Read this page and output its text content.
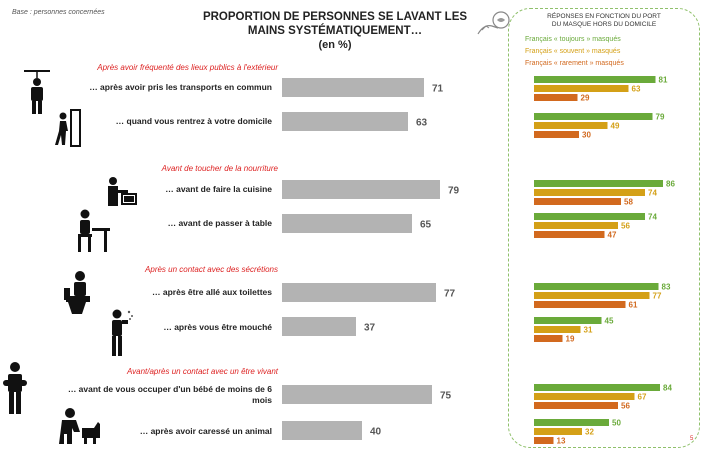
Base : personnes concernées	PROPORTION DE PERSONNES SE LAVANT LES
MAINS SYSTÉMATIQUEMENT…
(en %)
RÉPONSES EN FONCTION DU PORT
DU MASQUE HORS DU DOMICILE
Français « toujours » masqués
Français « souvent » masqués
Français « rarement » masqués
5
Après avoir fréquenté des lieux publics à l'extérieur
Avant de toucher de la nourriture
Après un contact avec des sécrétions
Avant/après un contact avec un être vivant
… après avoir pris les transports en commun
… quand vous rentrez à votre domicile
… avant de faire la cuisine
… avant de passer à table
… après être allé aux toilettes
… après vous être mouché
… avant de vous occuper d'un bébé de moins de 6 mois
… après avoir caressé un animal
71
63
79
65
77
37
75
40
81
79
86
74
83
45
84
50
63
49
74
56
77
31
67
32
29
30
58
47
61
19
56
13
